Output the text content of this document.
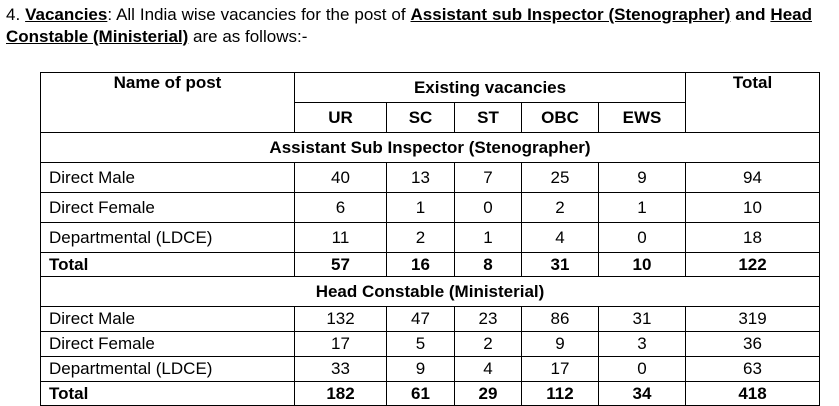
4. Vacancies: All India wise vacancies for the post of Assistant sub Inspector (Stenographer) and Head Constable (Ministerial) are as follows:-
Name of post	Existing vacancies					Total
	UR	SC	ST	OBC	EWS	
Assistant Sub Inspector (Stenographer)						
Direct Male	40	13	7	25	9	94
Direct Female	6	1	0	2	1	10
Departmental (LDCE)	11	2	1	4	0	18
Total	57	16	8	31	10	122
Head Constable (Ministerial)						
Direct Male	132	47	23	86	31	319
Direct Female	17	5	2	9	3	36
Departmental (LDCE)	33	9	4	17	0	63
Total	182	61	29	112	34	418
